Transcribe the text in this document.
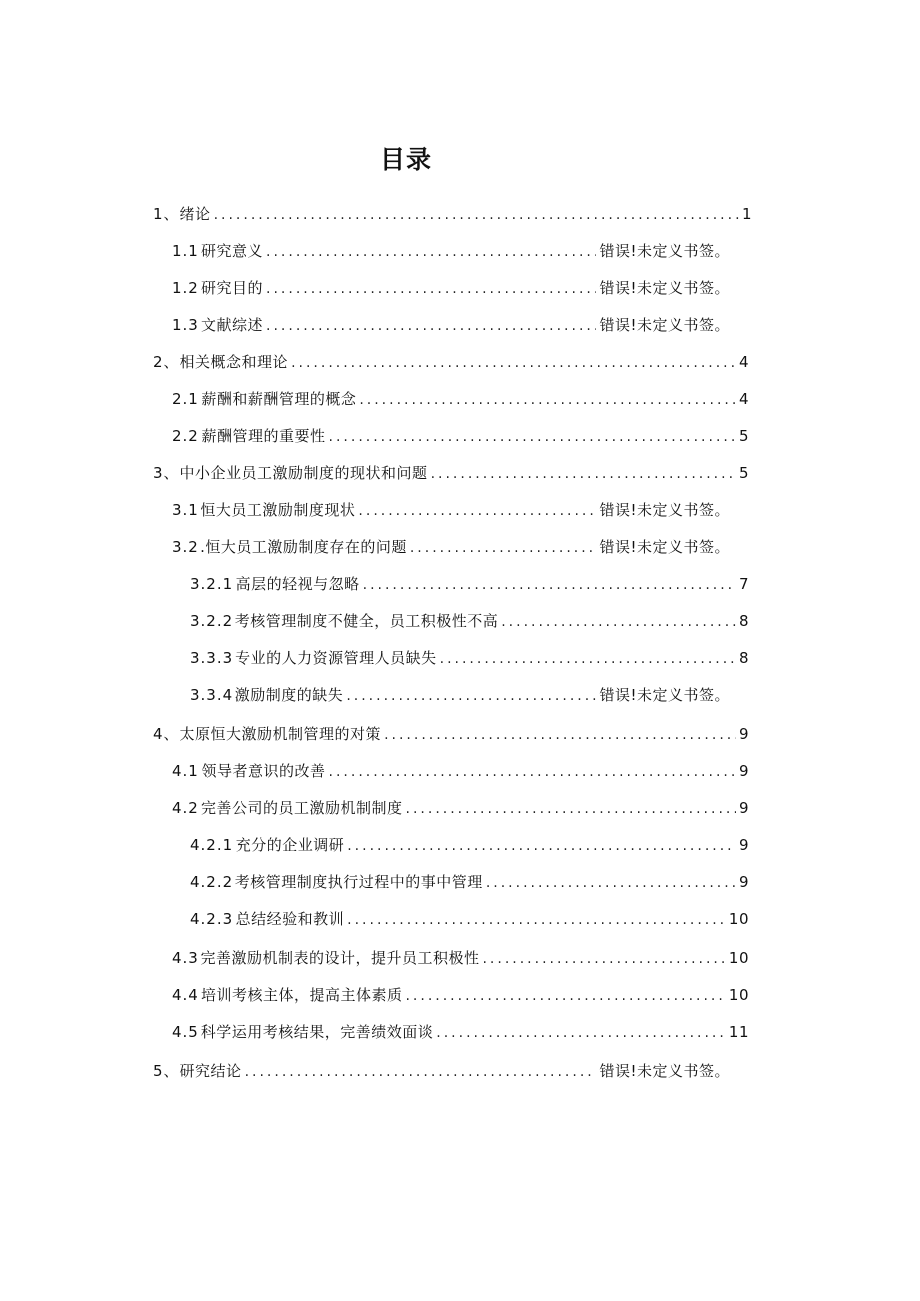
目录
1、 绪论 .....	1
1.1 研究意义 .....	错误!未定义书签。
1.2 研究目的 .....	错误!未定义书签。
1.3 文献综述 .....	错误!未定义书签。
2、 相关概念和理论 .....	4
2.1 薪酬和薪酬管理的概念 .....	4
2.2 薪酬管理的重要性 .....	5
3、 中小企业员工激励制度的现状和问题 .....	5
3.1 恒大员工激励制度现状 .....	错误!未定义书签。
3.2 .恒大员工激励制度存在的问题 .....	错误!未定义书签。
3.2.1 高层的轻视与忽略 .....	7
3.2.2 考核管理制度不健全，员工积极性不高 .....	8
3.3.3 专业的人力资源管理人员缺失 .....	8
3.3.4 激励制度的缺失 .....	错误!未定义书签。
4、 太原恒大激励机制管理的对策 .....	9
4.1 领导者意识的改善 .....	9
4.2 完善公司的员工激励机制制度 .....	9
4.2.1 充分的企业调研 .....	9
4.2.2 考核管理制度执行过程中的事中管理 .....	9
4.2.3 总结经验和教训 .....	10
4.3 完善激励机制表的设计，提升员工积极性 .....	10
4.4 培训考核主体，提高主体素质 .....	10
4.5 科学运用考核结果，完善绩效面谈 .....	11
5、 研究结论 .....	错误!未定义书签。
